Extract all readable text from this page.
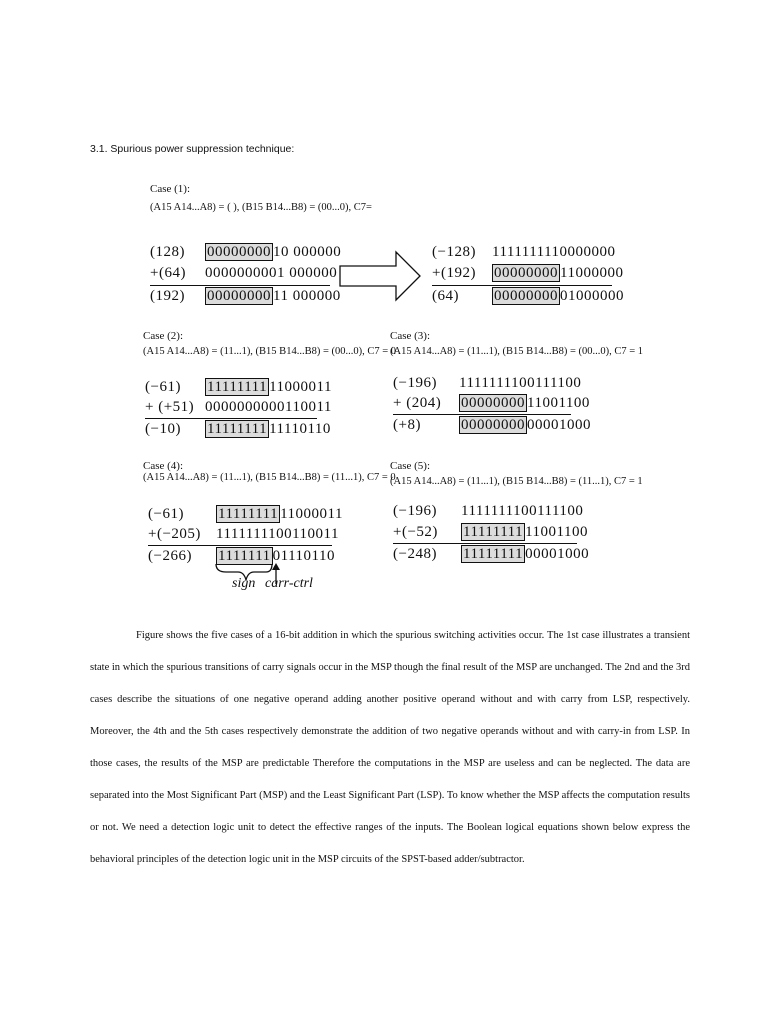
3.1. Spurious power suppression technique:
Case (1):
(A15 A14...A8) = ( ), (B15 B14...B8) = (00...0), C7=
(128) 00000000 10 000000
+(64) 0000000001 000000
(192) 00000000 11 000000
(−128) 1111111110000000
+(192) 00000000 11000000
(64) 00000000 01000000
Case (2):
(A15 A14...A8) = (11...1), (B15 B14...B8) = (00...0), C7 = 0
(−61) 11111111 11000011
+ (+51) 0000000000110011
(−10) 11111111 11110110
Case (3):
(A15 A14...A8) = (11...1), (B15 B14...B8) = (00...0), C7 = 1
(−196) 1111111100111100
+ (204) 00000000 11001100
(+8)	00000000 00001000
Case (4):
(A15 A14...A8) = (11...1), (B15 B14...B8) = (11...1), C7 = 0
(−61) 11111111 11000011
+(−205) 1111111100110011
(−266) 1111111 01110110
sign carr-ctrl
Case (5):
(A15 A14...A8) = (11...1), (B15 B14...B8) = (11...1), C7 = 1
(−196) 1111111100111100
+(−52) 11111111 11001100
(−248) 11111111 00001000

Figure shows the five cases of a 16-bit addition in which the spurious switching activities occur. The 1st case illustrates a transient state in which the spurious transitions of carry signals occur in the MSP though the final result of the MSP are unchanged. The 2nd and the 3rd cases describe the situations of one negative operand adding another positive operand without and with carry from LSP, respectively. Moreover, the 4th and the 5th cases respectively demonstrate the addition of two negative operands without and with carry-in from LSP. In those cases, the results of the MSP are predictable Therefore the computations in the MSP are useless and can be neglected. The data are separated into the Most Significant Part (MSP) and the Least Significant Part (LSP). To know whether the MSP affects the computation results or not. We need a detection logic unit to detect the effective ranges of the inputs. The Boolean logical equations shown below express the behavioral principles of the detection logic unit in the MSP circuits of the SPST-based adder/subtractor.
